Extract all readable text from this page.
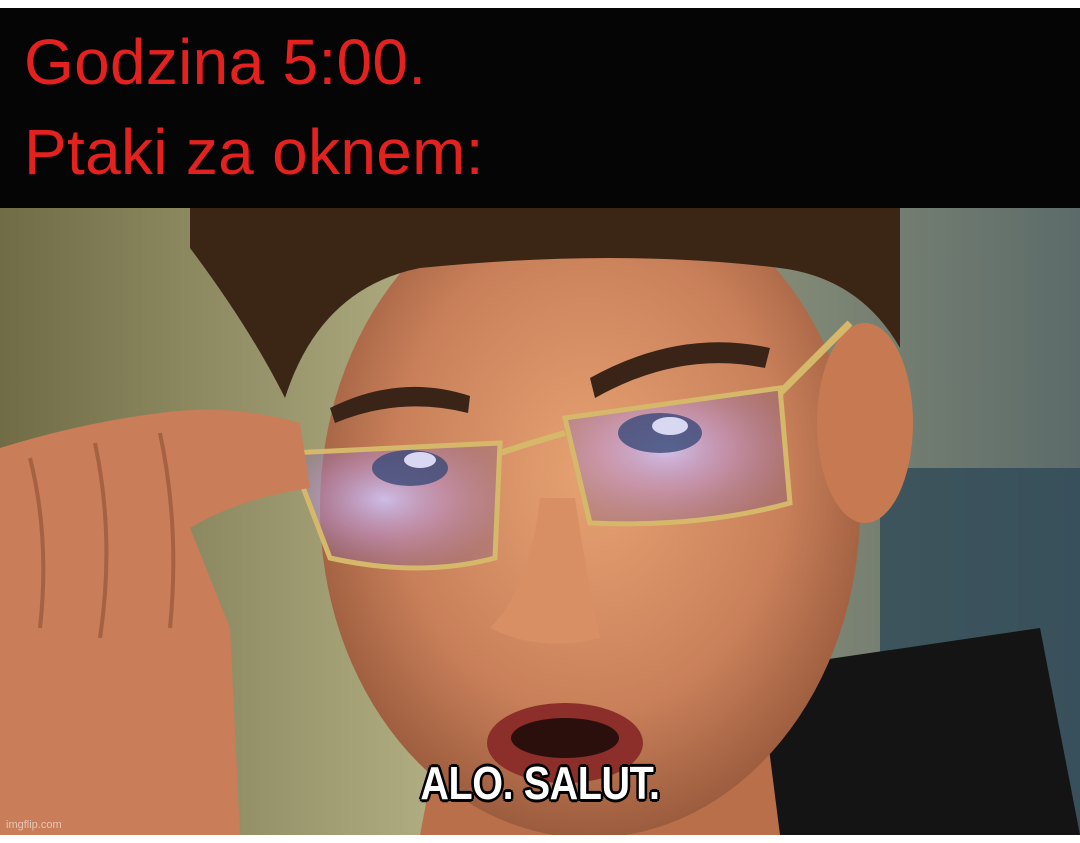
Godzina 5:00.

Ptaki za oknem:

ALO. SALUT.

imgflip.com
